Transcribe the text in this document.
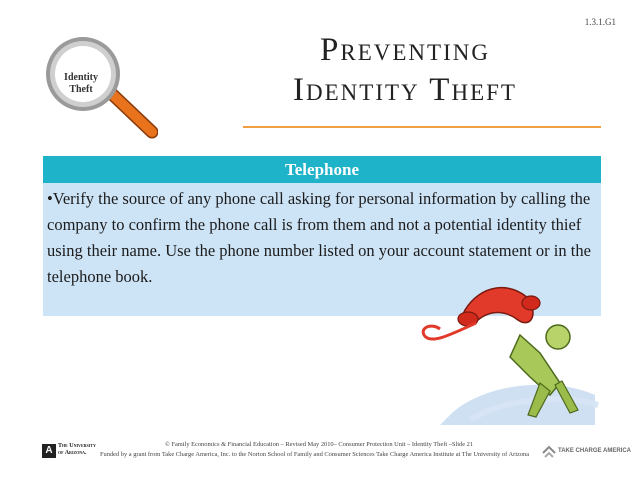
1.3.1.G1
Preventing
Identity Theft
Identity
Theft
Telephone
•Verify the source of any phone call asking for personal information by calling the company to confirm the phone call is from them and not a potential identity thief using their name. Use the phone number listed on your account statement or in the telephone book.
A The University
of Arizona.
© Family Economics & Financial Education – Revised May 2010– Consumer Protection Unit – Identity Theft –Slide 21
Funded by a grant from Take Charge America, Inc. to the Norton School of Family and Consumer Sciences Take Charge America Institute at The University of Arizona	TAKE CHARGE AMERICA
